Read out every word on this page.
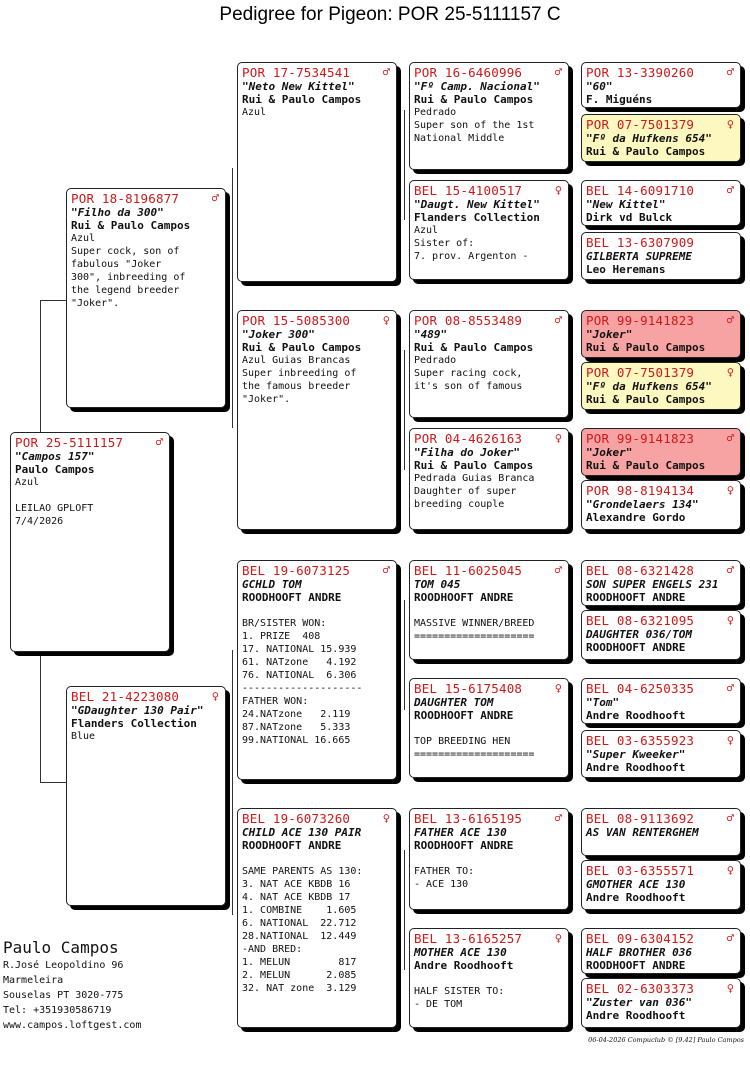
Pedigree for Pigeon: POR 25-5111157 C
POR 25-5111157	♂
"Campos 157"
Paulo Campos
Azul

LEILAO GPLOFT
7/4/2026
POR 18-8196877	♂
"Filho da 300"
Rui & Paulo Campos
Azul
Super cock, son of
fabulous "Joker
300", inbreeding of
the legend breeder
"Joker".
BEL 21-4223080	♀
"GDaughter 130 Pair"
Flanders Collection
Blue
POR 17-7534541	♂
"Neto New Kittel"
Rui & Paulo Campos
Azul
POR 15-5085300	♀
"Joker 300"
Rui & Paulo Campos
Azul Guias Brancas
Super inbreeding of
the famous breeder
"Joker".
BEL 19-6073125	♂
GCHLD TOM
ROODHOOFT ANDRE
BR/SISTER WON:
1. PRIZE  408
17. NATIONAL 15.939
61. NATzone   4.192
76. NATIONAL  6.306
--------------------
FATHER WON:
24.NATzone   2.119
87.NATzone   5.333
99.NATIONAL 16.665
BEL 19-6073260	♀
CHILD ACE 130 PAIR
ROODHOOFT ANDRE
SAME PARENTS AS 130:
3. NAT ACE KBDB 16
4. NAT ACE KBDB 17
1. COMBINE    1.605
6. NATIONAL  22.712
28.NATIONAL  12.449
-AND BRED:
1. MELUN        817
2. MELUN      2.085
32. NAT zone  3.129
POR 16-6460996	♂
"Fº Camp. Nacional"
Rui & Paulo Campos
Pedrado
Super son of the 1st
National Middle
BEL 15-4100517	♀
"Daugt. New Kittel"
Flanders Collection
Azul
Sister of:
7. prov. Argenton -
POR 08-8553489	♂
"489"
Rui & Paulo Campos
Pedrado
Super racing cock,
it's son of famous
POR 04-4626163	♀
"Filha do Joker"
Rui & Paulo Campos
Pedrada Guias Branca
Daughter of super
breeding couple
BEL 11-6025045	♂
TOM 045
ROODHOOFT ANDRE
MASSIVE WINNER/BREED
====================
BEL 15-6175408	♀
DAUGHTER TOM
ROODHOOFT ANDRE
TOP BREEDING HEN
====================
BEL 13-6165195	♂
FATHER ACE 130
ROODHOOFT ANDRE
FATHER TO:
- ACE 130
BEL 13-6165257	♀
MOTHER ACE 130
Andre Roodhooft
HALF SISTER TO:
- DE TOM
POR 13-3390260	♂
"60"
F. Miguéns
POR 07-7501379	♀
"Fº da Hufkens 654"
Rui & Paulo Campos
BEL 14-6091710	♂
"New Kittel"
Dirk vd Bulck
BEL 13-6307909
GILBERTA SUPREME
Leo Heremans
POR 99-9141823	♂
"Joker"
Rui & Paulo Campos
POR 07-7501379	♀
"Fº da Hufkens 654"
Rui & Paulo Campos
POR 99-9141823	♂
"Joker"
Rui & Paulo Campos
POR 98-8194134	♀
"Grondelaers 134"
Alexandre Gordo
BEL 08-6321428	♂
SON SUPER ENGELS 231
ROODHOOFT ANDRE
BEL 08-6321095	♀
DAUGHTER 036/TOM
ROODHOOFT ANDRE
BEL 04-6250335	♂
"Tom"
Andre Roodhooft
BEL 03-6355923	♀
"Super Kweeker"
Andre Roodhooft
BEL 08-9113692	♂
AS VAN RENTERGHEM
BEL 03-6355571	♀
GMOTHER ACE 130
Andre Roodhooft
BEL 09-6304152	♂
HALF BROTHER 036
ROODHOOFT ANDRE
BEL 02-6303373	♀
"Zuster van 036"
Andre Roodhooft
Paulo Campos
R.José Leopoldino 96
Marmeleira
Souselas PT 3020-775
Tel: +351930586719
www.campos.loftgest.com
06-04-2026 Compuclub © [9.42] Paulo Campos
